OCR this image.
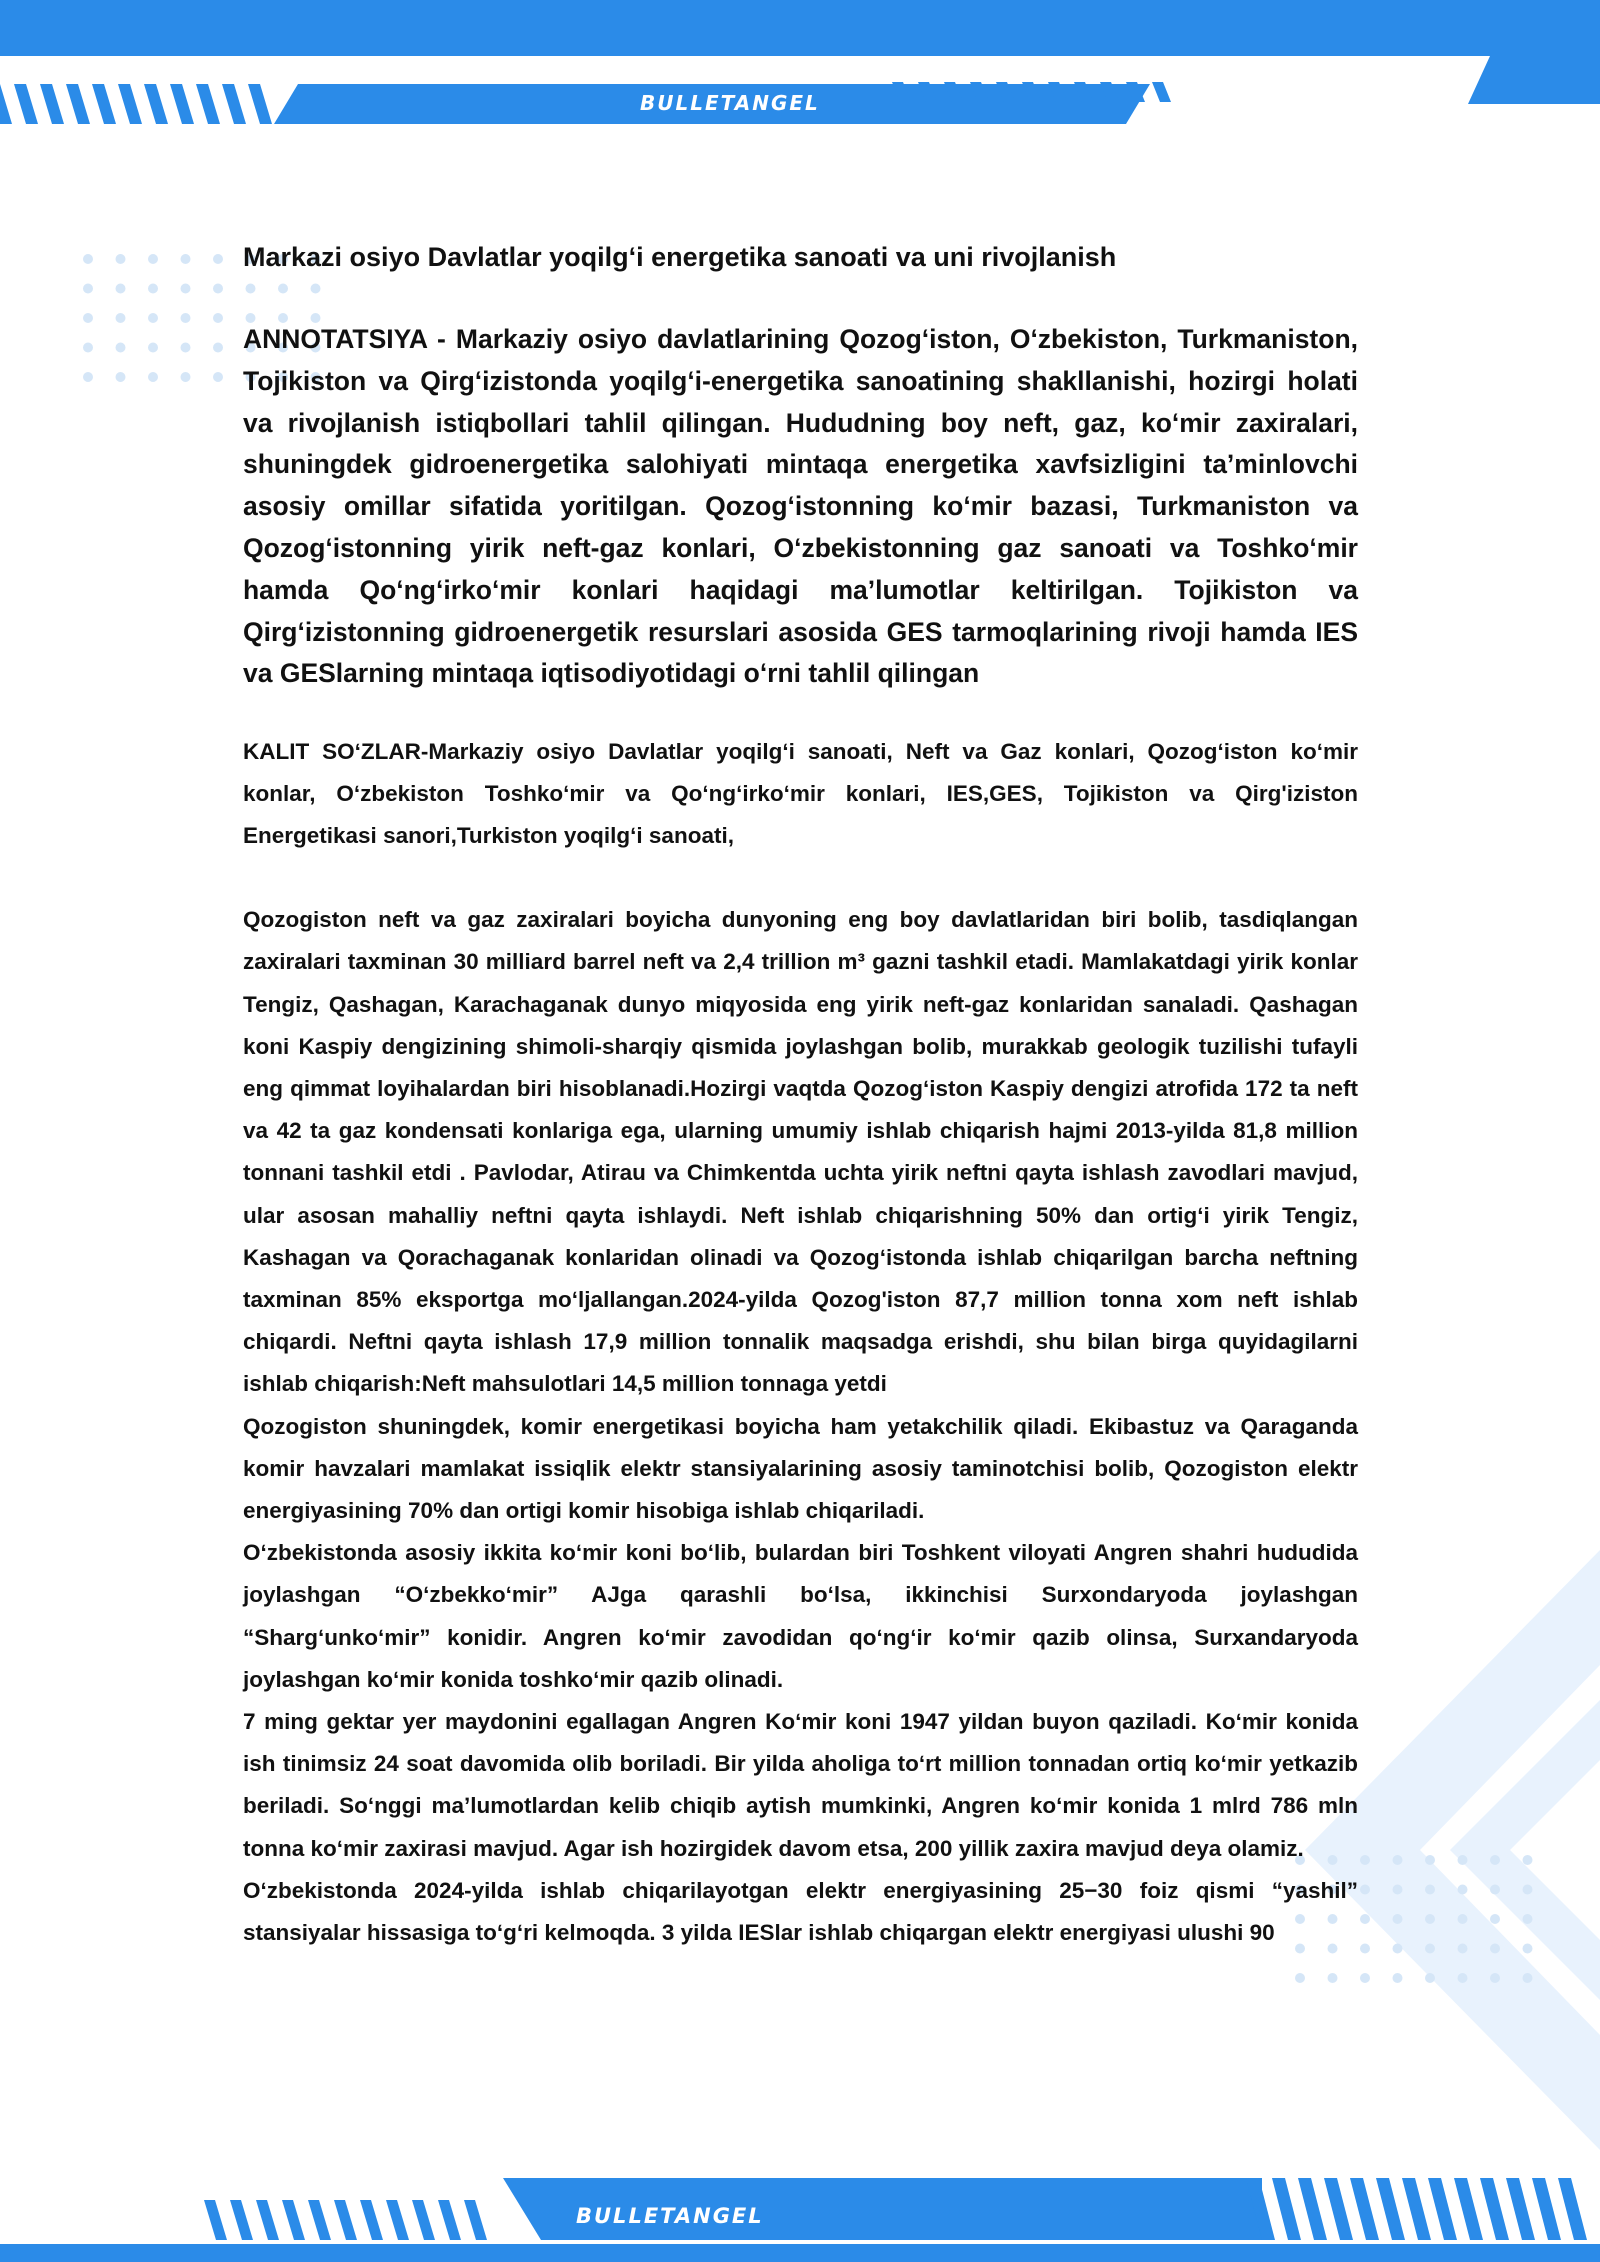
BULLETANGEL
Markazi osiyo Davlatlar yoqilgʻi energetika sanoati va uni rivojlanish

ANNOTATSIYA - Markaziy osiyo davlatlarining Qozogʻiston, Oʻzbekiston, Turkmaniston, Tojikiston va Qirgʻizistonda yoqilgʻi-energetika sanoatining shakllanishi, hozirgi holati va rivojlanish istiqbollari tahlil qilingan. Hududning boy neft, gaz, koʻmir zaxiralari, shuningdek gidroenergetika salohiyati mintaqa energetika xavfsizligini taʼminlovchi asosiy omillar sifatida yoritilgan. Qozogʻistonning koʻmir bazasi, Turkmaniston va Qozogʻistonning yirik neft-gaz konlari, Oʻzbekistonning gaz sanoati va Toshkoʻmir hamda Qoʻngʻirkoʻmir konlari haqidagi maʼlumotlar keltirilgan. Tojikiston va Qirgʻizistonning gidroenergetik resurslari asosida GES tarmoqlarining rivoji hamda IES va GESlarning mintaqa iqtisodiyotidagi oʻrni tahlil qilingan

KALIT SOʻZLAR-Markaziy osiyo Davlatlar yoqilgʻi sanoati, Neft va Gaz konlari, Qozogʻiston koʻmir konlar, Oʻzbekiston Toshkoʻmir va Qoʻngʻirkoʻmir konlari, IES,GES, Tojikiston va Qirg'iziston Energetikasi sanori,Turkiston yoqilgʻi sanoati,

Qozogiston neft va gaz zaxiralari boyicha dunyoning eng boy davlatlaridan biri bolib, tasdiqlangan zaxiralari taxminan 30 milliard barrel neft va 2,4 trillion m³ gazni tashkil etadi. Mamlakatdagi yirik konlar Tengiz, Qashagan, Karachaganak dunyo miqyosida eng yirik neft-gaz konlaridan sanaladi. Qashagan koni Kaspiy dengizining shimoli-sharqiy qismida joylashgan bolib, murakkab geologik tuzilishi tufayli eng qimmat loyihalardan biri hisoblanadi.Hozirgi vaqtda Qozogʻiston Kaspiy dengizi atrofida 172 ta neft va 42 ta gaz kondensati konlariga ega, ularning umumiy ishlab chiqarish hajmi 2013-yilda 81,8 million tonnani tashkil etdi . Pavlodar, Atirau va Chimkentda uchta yirik neftni qayta ishlash zavodlari mavjud, ular asosan mahalliy neftni qayta ishlaydi. Neft ishlab chiqarishning 50% dan ortigʻi yirik Tengiz, Kashagan va Qorachaganak konlaridan olinadi va Qozogʻistonda ishlab chiqarilgan barcha neftning taxminan 85% eksportga moʻljallangan.2024-yilda Qozog'iston 87,7 million tonna xom neft ishlab chiqardi. Neftni qayta ishlash 17,9 million tonnalik maqsadga erishdi, shu bilan birga quyidagilarni ishlab chiqarish:Neft mahsulotlari 14,5 million tonnaga yetdi

Qozogiston shuningdek, komir energetikasi boyicha ham yetakchilik qiladi. Ekibastuz va Qaraganda komir havzalari mamlakat issiqlik elektr stansiyalarining asosiy taminotchisi bolib, Qozogiston elektr energiyasining 70% dan ortigi komir hisobiga ishlab chiqariladi.

Oʻzbekistonda asosiy ikkita koʻmir koni boʻlib, bulardan biri Toshkent viloyati Angren shahri hududida joylashgan “Oʻzbekkoʻmir” AJga qarashli boʻlsa, ikkinchisi Surxondaryoda joylashgan “Shargʻunkoʻmir” konidir. Angren koʻmir zavodidan qoʻngʻir koʻmir qazib olinsa, Surxandaryoda joylashgan koʻmir konida toshkoʻmir qazib olinadi.

7 ming gektar yer maydonini egallagan Angren Koʻmir koni 1947 yildan buyon qaziladi. Koʻmir konida ish tinimsiz 24 soat davomida olib boriladi. Bir yilda aholiga toʻrt million tonnadan ortiq koʻmir yetkazib beriladi. Soʻnggi maʼlumotlardan kelib chiqib aytish mumkinki, Angren koʻmir konida 1 mlrd 786 mln tonna koʻmir zaxirasi mavjud. Agar ish hozirgidek davom etsa, 200 yillik zaxira mavjud deya olamiz.

Oʻzbekistonda 2024-yilda ishlab chiqarilayotgan elektr energiyasining 25−30 foiz qismi “yashil” stansiyalar hissasiga toʻgʻri kelmoqda. 3 yilda IESlar ishlab chiqargan elektr energiyasi ulushi 90

BULLETANGEL
